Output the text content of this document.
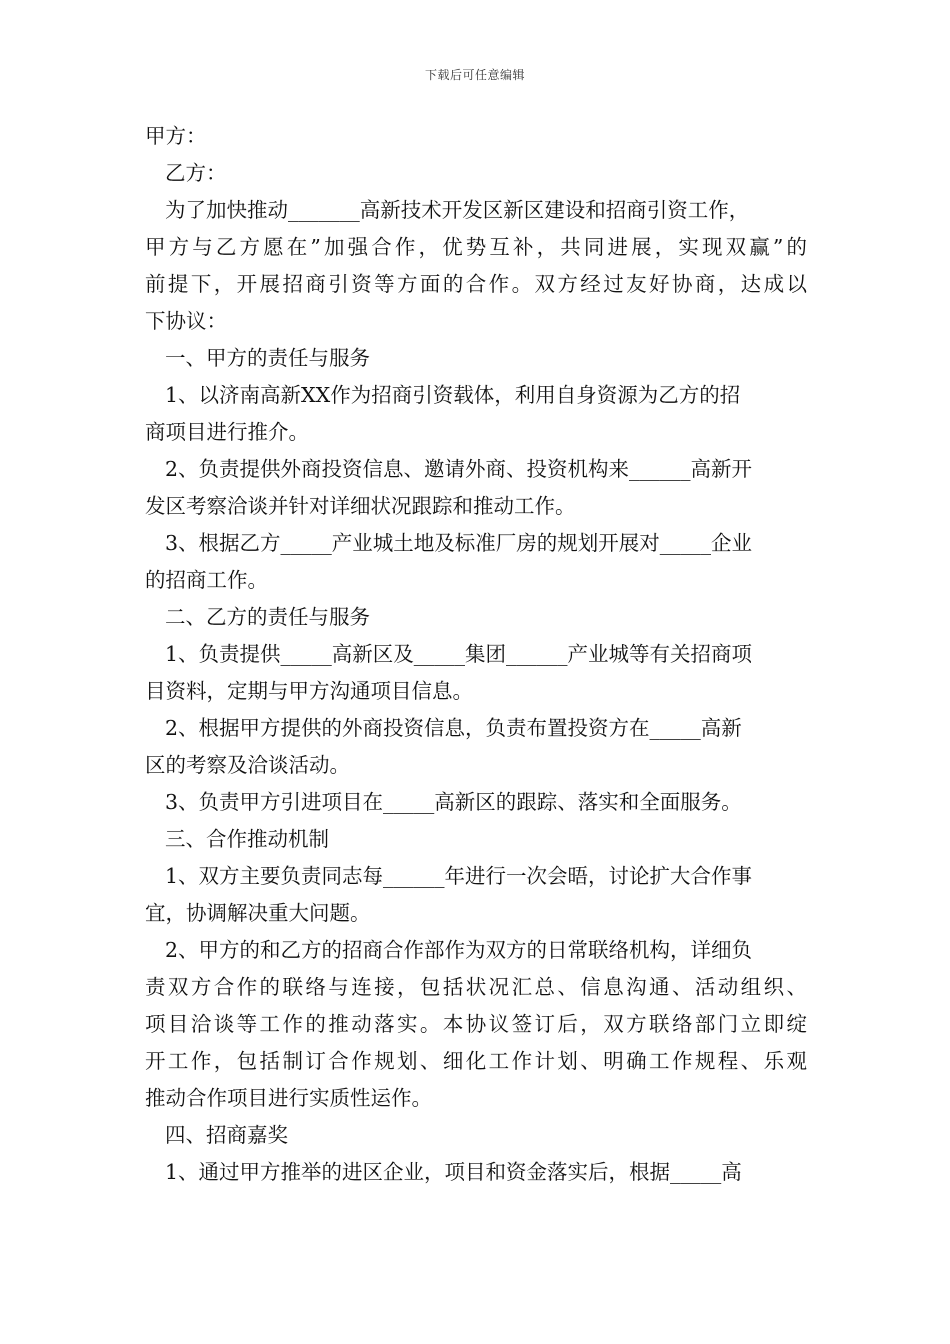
下载后可任意编辑
甲方：
乙方：
为了加快推动_______高新技术开发区新区建设和招商引资工作，
甲方与乙方愿在”加强合作，优势互补，共同进展，实现双赢”的
前提下，开展招商引资等方面的合作。双方经过友好协商，达成以
下协议：
一、甲方的责任与服务
1、以济南高新XX作为招商引资载体，利用自身资源为乙方的招
商项目进行推介。
2、负责提供外商投资信息、邀请外商、投资机构来______高新开
发区考察洽谈并针对详细状况跟踪和推动工作。
3、根据乙方_____产业城土地及标准厂房的规划开展对_____企业
的招商工作。
二、乙方的责任与服务
1、负责提供_____高新区及_____集团______产业城等有关招商项
目资料，定期与甲方沟通项目信息。
2、根据甲方提供的外商投资信息，负责布置投资方在_____高新
区的考察及洽谈活动。
3、负责甲方引进项目在_____高新区的跟踪、落实和全面服务。
三、合作推动机制
1、双方主要负责同志每______年进行一次会晤，讨论扩大合作事
宜，协调解决重大问题。
2、甲方的和乙方的招商合作部作为双方的日常联络机构，详细负
责双方合作的联络与连接，包括状况汇总、信息沟通、活动组织、
项目洽谈等工作的推动落实。本协议签订后，双方联络部门立即绽
开工作，包括制订合作规划、细化工作计划、明确工作规程、乐观
推动合作项目进行实质性运作。
四、招商嘉奖
1、通过甲方推举的进区企业，项目和资金落实后，根据_____高
